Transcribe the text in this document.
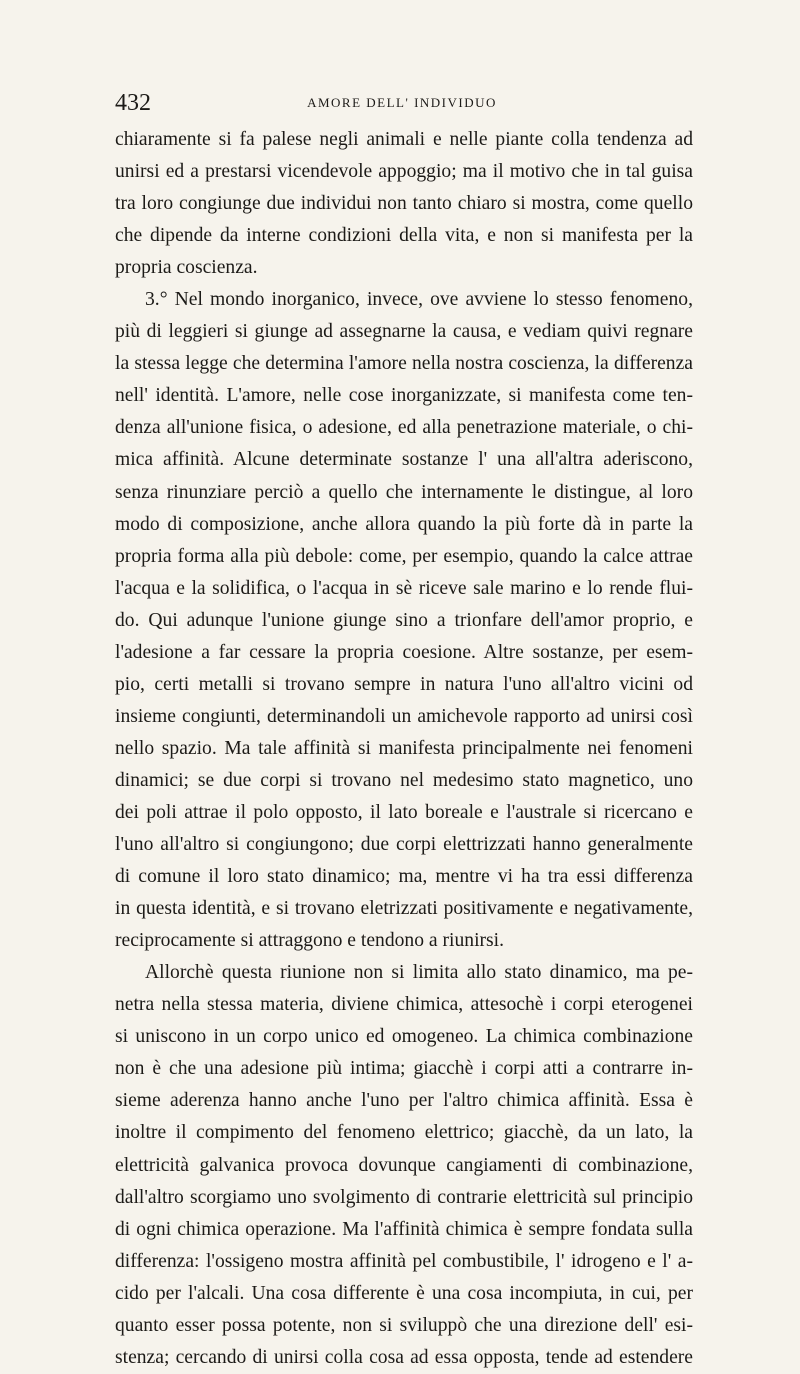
432	AMORE DELL' INDIVIDUO
chiaramente si fa palese negli animali e nelle piante colla tendenza ad
unirsi ed a prestarsi vicendevole appoggio; ma il motivo che in tal guisa
tra loro congiunge due individui non tanto chiaro si mostra, come quello
che dipende da interne condizioni della vita, e non si manifesta per la
propria coscienza.
3.° Nel mondo inorganico, invece, ove avviene lo stesso fenomeno,
più di leggieri si giunge ad assegnarne la causa, e vediam quivi regnare
la stessa legge che determina l'amore nella nostra coscienza, la differenza
nell' identità. L'amore, nelle cose inorganizzate, si manifesta come ten-
denza all'unione fisica, o adesione, ed alla penetrazione materiale, o chi-
mica affinità. Alcune determinate sostanze l' una all'altra aderiscono,
senza rinunziare perciò a quello che internamente le distingue, al loro
modo di composizione, anche allora quando la più forte dà in parte la
propria forma alla più debole: come, per esempio, quando la calce attrae
l'acqua e la solidifica, o l'acqua in sè riceve sale marino e lo rende flui-
do. Qui adunque l'unione giunge sino a trionfare dell'amor proprio, e
l'adesione a far cessare la propria coesione. Altre sostanze, per esem-
pio, certi metalli si trovano sempre in natura l'uno all'altro vicini od
insieme congiunti, determinandoli un amichevole rapporto ad unirsi così
nello spazio. Ma tale affinità si manifesta principalmente nei fenomeni
dinamici; se due corpi si trovano nel medesimo stato magnetico, uno
dei poli attrae il polo opposto, il lato boreale e l'australe si ricercano e
l'uno all'altro si congiungono; due corpi elettrizzati hanno generalmente
di comune il loro stato dinamico; ma, mentre vi ha tra essi differenza
in questa identità, e si trovano eletrizzati positivamente e negativamente,
reciprocamente si attraggono e tendono a riunirsi.
Allorchè questa riunione non si limita allo stato dinamico, ma pe-
netra nella stessa materia, diviene chimica, attesochè i corpi eterogenei
si uniscono in un corpo unico ed omogeneo. La chimica combinazione
non è che una adesione più intima; giacchè i corpi atti a contrarre in-
sieme aderenza hanno anche l'uno per l'altro chimica affinità. Essa è
inoltre il compimento del fenomeno elettrico; giacchè, da un lato, la
elettricità galvanica provoca dovunque cangiamenti di combinazione,
dall'altro scorgiamo uno svolgimento di contrarie elettricità sul principio
di ogni chimica operazione. Ma l'affinità chimica è sempre fondata sulla
differenza: l'ossigeno mostra affinità pel combustibile, l' idrogeno e l' a-
cido per l'alcali. Una cosa differente è una cosa incompiuta, in cui, per
quanto esser possa potente, non si sviluppò che una direzione dell' esi-
stenza; cercando di unirsi colla cosa ad essa opposta, tende ad estendere
